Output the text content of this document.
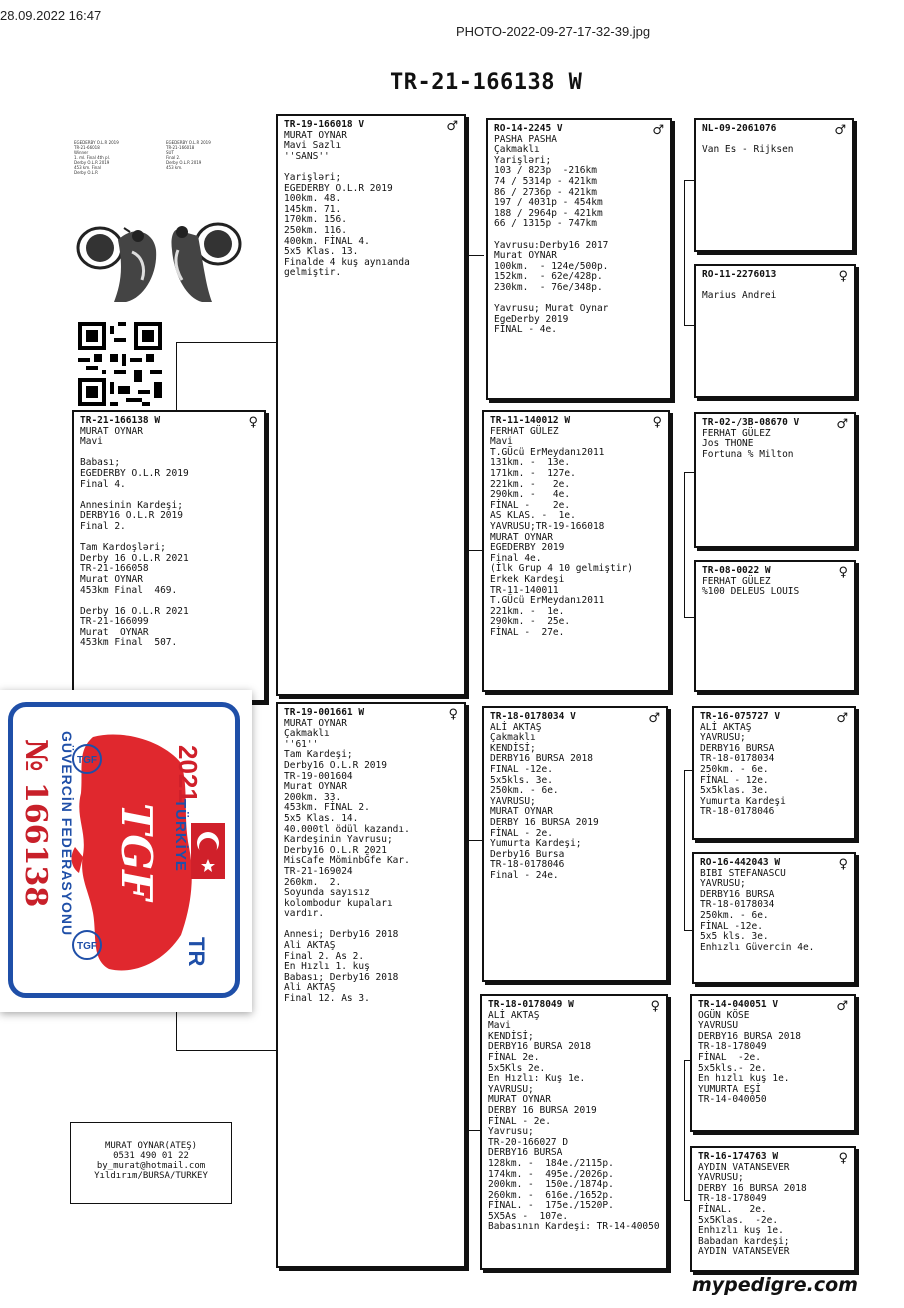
28.09.2022 16:47
PHOTO-2022-09-27-17-32-39.jpg
TR-21-166138 W
EGEDERBY O.L.R 2019
TR-21-66018
Winner
1. ml. Final 4th pl.
Derby O.L.R 2019
453 km. Final
Derby O.L.R
EGEDERBY O.L.R 2019
TR-21-166018
SUT
Final 2.
Derby O.L.R 2019
453 km.
♀
TR-21-166138 W
MURAT OYNAR
Mavi

Babası;
EGEDERBY O.L.R 2019
Final 4.

Annesinin Kardeşi;
DERBY16 O.L.R 2019
Final 2.

Tam Kardoşləri;
Derby 16 O.L.R 2021
TR-21-166058
Murat OYNAR
453km Final  469.

Derby 16 O.L.R 2021
TR-21-166099
Murat  OYNAR
453km Final  507.
♂
TR-19-166018 V
MURAT OYNAR
Mavi Sazlı
''SANS''

Yarişləri;
EGEDERBY O.L.R 2019
100km. 48.
145km. 71.
170km. 156.
250km. 116.
400km. FİNAL 4.
5x5 Klas. 13.
Finalde 4 kuş aynıanda
gelmiştir.
♀
TR-19-001661 W
MURAT OYNAR
Çakmaklı
''61''
Tam Kardeşi;
Derby16 O.L.R 2019
TR-19-001604
Murat OYNAR
200km. 33.
453km. FİNAL 2.
5x5 Klas. 14.
40.000tl ödül kazandı.
Kardeşinin Yavrusu;
Derby16 O.L.R 2021
MisCafe MöminbĞfe Kar.
TR-21-169024
260km.  2.
Soyunda sayısız
kolombodur kupaları
vardır.

Annesi; Derby16 2018
Ali AKTAŞ
Final 2. As 2.
En Hızlı 1. kuş
Babası; Derby16 2018
Ali AKTAŞ
Final 12. As 3.
♂
RO-14-2245 V
PASHA PASHA
Çakmaklı
Yarişləri;
103 / 823p  -216km
74 / 5314p - 421km
86 / 2736p - 421km
197 / 4031p - 454km
188 / 2964p - 421km
66 / 1315p - 747km

Yavrusu:Derby16 2017
Murat OYNAR
100km.  - 124e/500p.
152km.  - 62e/428p.
230km.  - 76e/348p.

Yavrusu; Murat Oynar
EgeDerby 2019
FİNAL - 4e.
♀
TR-11-140012 W
FERHAT GÜLEZ
Mavi
T.GÜcü ErMeydanı2011
131km. -  13e.
171km. -  127e.
221km. -   2e.
290km. -   4e.
FİNAL -    2e.
AS KLAS. -  1e.
YAVRUSU;TR-19-166018
MURAT OYNAR
EGEDERBY 2019
Final 4e.
(İlk Grup 4 10 gelmiştir)
Erkek Kardeşi
TR-11-140011
T.GÜcü ErMeydanı2011
221km. -  1e.
290km. -  25e.
FİNAL -  27e.
♂
TR-18-0178034 V
ALİ AKTAŞ
Çakmaklı
KENDİSİ;
DERBY16 BURSA 2018
FINAL -12e.
5x5kls. 3e.
250km. - 6e.
YAVRUSU;
MURAT OYNAR
DERBY 16 BURSA 2019
FİNAL - 2e.
Yumurta Kardeşi;
Derby16 Bursa
TR-18-0178046
Final - 24e.
♀
TR-18-0178049 W
ALİ AKTAŞ
Mavi
KENDİSİ;
DERBY16 BURSA 2018
FİNAL 2e.
5x5Kls 2e.
En Hızlı: Kuş 1e.
YAVRUSU;
MURAT OYNAR
DERBY 16 BURSA 2019
FİNAL - 2e.
Yavrusu;
TR-20-166027 D
DERBY16 BURSA
128km. -  184e./2115p.
174km. -  495e./2026p.
200km. -  150e./1874p.
260km. -  616e./1652p.
FİNAL. -  175e./1520P.
5X5As -  107e.
Babasının Kardeşi: TR-14-40050
♂
NL-09-2061076

Van Es - Rijksen
♀
RO-11-2276013

Marius Andrei
♂
TR-02-/3B-08670 V
FERHAT GÜLEZ
Jos THONE
Fortuna % Milton
♀
TR-08-0022 W
FERHAT GÜLEZ
%100 DELEUS LOUIS
♂
TR-16-075727 V
ALİ AKTAŞ
YAVRUSU;
DERBY16 BURSA
TR-18-0178034
250km. - 6e.
FİNAL - 12e.
5x5klas. 3e.
Yumurta Kardeşi
TR-18-0178046
♀
RO-16-442043 W
BIBI STEFANASCU
YAVRUSU;
DERBY16 BURSA
TR-18-0178034
250km. - 6e.
FİNAL -12e.
5x5 kls. 3e.
Enhızlı Güvercin 4e.
♂
TR-14-040051 V
OGÜN KÖSE
YAVRUSU
DERBY16 BURSA 2018
TR-18-178049
FİNAL  -2e.
5x5kls.- 2e.
En hızlı kuş 1e.
YUMURTA EŞİ
TR-14-040050
♀
TR-16-174763 W
AYDIN VATANSEVER
YAVRUSU;
DERBY 16 BURSA 2018
TR-18-178049
FİNAL.   2e.
5x5Klas.  -2e.
Enhızlı kuş 1e.
Babadan kardeşi;
AYDIN VATANSEVER
TGF
TGF
2021
TÜRKİYE
TR
GÜVERCİN FEDERASYONU
№ 166138 TGF
MURAT OYNAR(ATEŞ)
0531 490 01 22
by_murat@hotmail.com
Yıldırım/BURSA/TURKEY
mypedigre.com
